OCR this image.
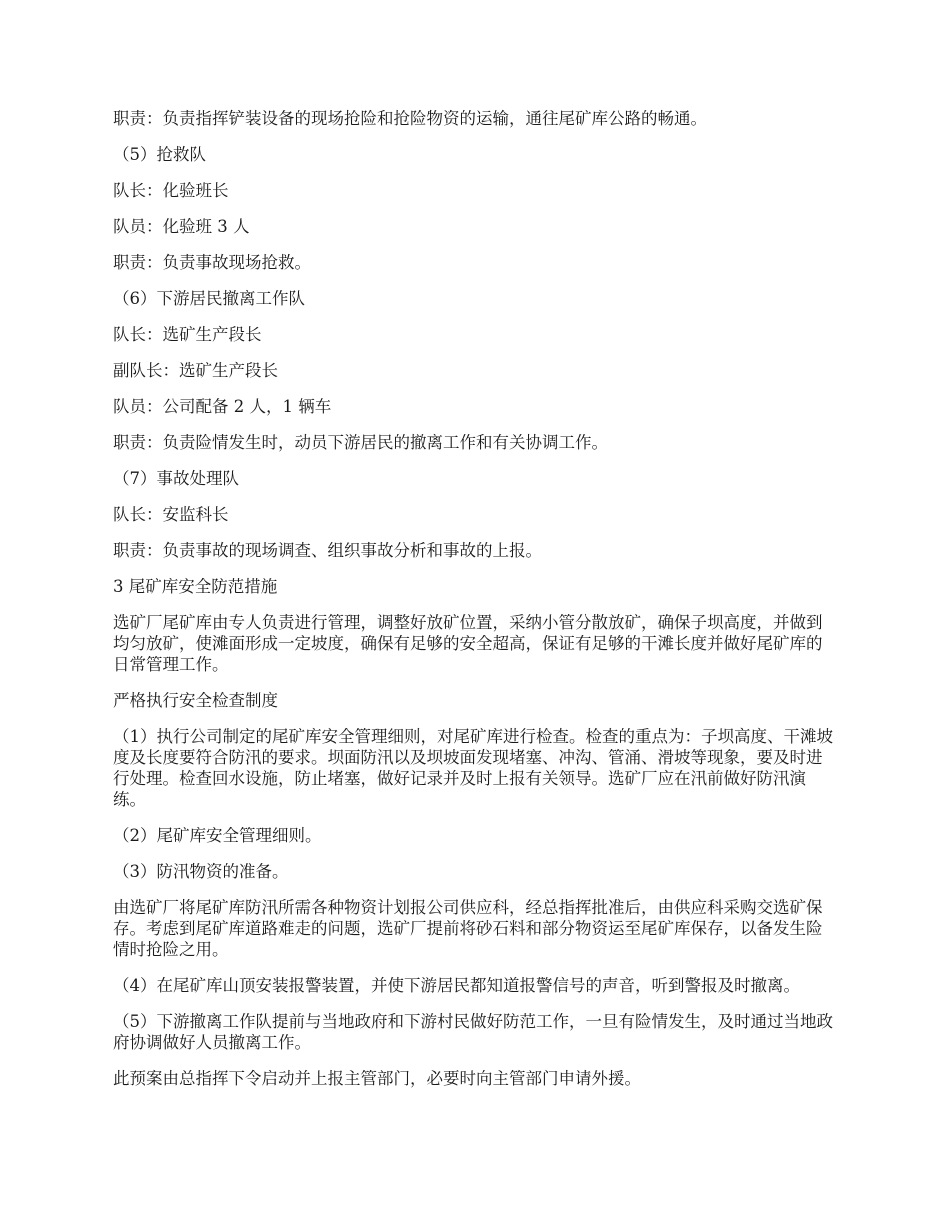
职责：负责指挥铲装设备的现场抢险和抢险物资的运输，通往尾矿库公路的畅通。

（5）抢救队

队长：化验班长

队员：化验班 3 人

职责：负责事故现场抢救。

（6）下游居民撤离工作队

队长：选矿生产段长

副队长：选矿生产段长

队员：公司配备 2 人，1 辆车

职责：负责险情发生时，动员下游居民的撤离工作和有关协调工作。

（7）事故处理队

队长：安监科长

职责：负责事故的现场调查、组织事故分析和事故的上报。

3 尾矿库安全防范措施

选矿厂尾矿库由专人负责进行管理，调整好放矿位置，采纳小管分散放矿，确保子坝高度，并做到均匀放矿，使滩面形成一定坡度，确保有足够的安全超高，保证有足够的干滩长度并做好尾矿库的日常管理工作。

严格执行安全检查制度

（1）执行公司制定的尾矿库安全管理细则，对尾矿库进行检查。检查的重点为：子坝高度、干滩坡度及长度要符合防汛的要求。坝面防汛以及坝坡面发现堵塞、冲沟、管涌、滑坡等现象，要及时进行处理。检查回水设施，防止堵塞，做好记录并及时上报有关领导。选矿厂应在汛前做好防汛演练。

（2）尾矿库安全管理细则。

（3）防汛物资的准备。

由选矿厂将尾矿库防汛所需各种物资计划报公司供应科，经总指挥批准后，由供应科采购交选矿保存。考虑到尾矿库道路难走的问题，选矿厂提前将砂石料和部分物资运至尾矿库保存，以备发生险情时抢险之用。

（4）在尾矿库山顶安装报警装置，并使下游居民都知道报警信号的声音，听到警报及时撤离。

（5）下游撤离工作队提前与当地政府和下游村民做好防范工作，一旦有险情发生，及时通过当地政府协调做好人员撤离工作。

此预案由总指挥下令启动并上报主管部门，必要时向主管部门申请外援。
